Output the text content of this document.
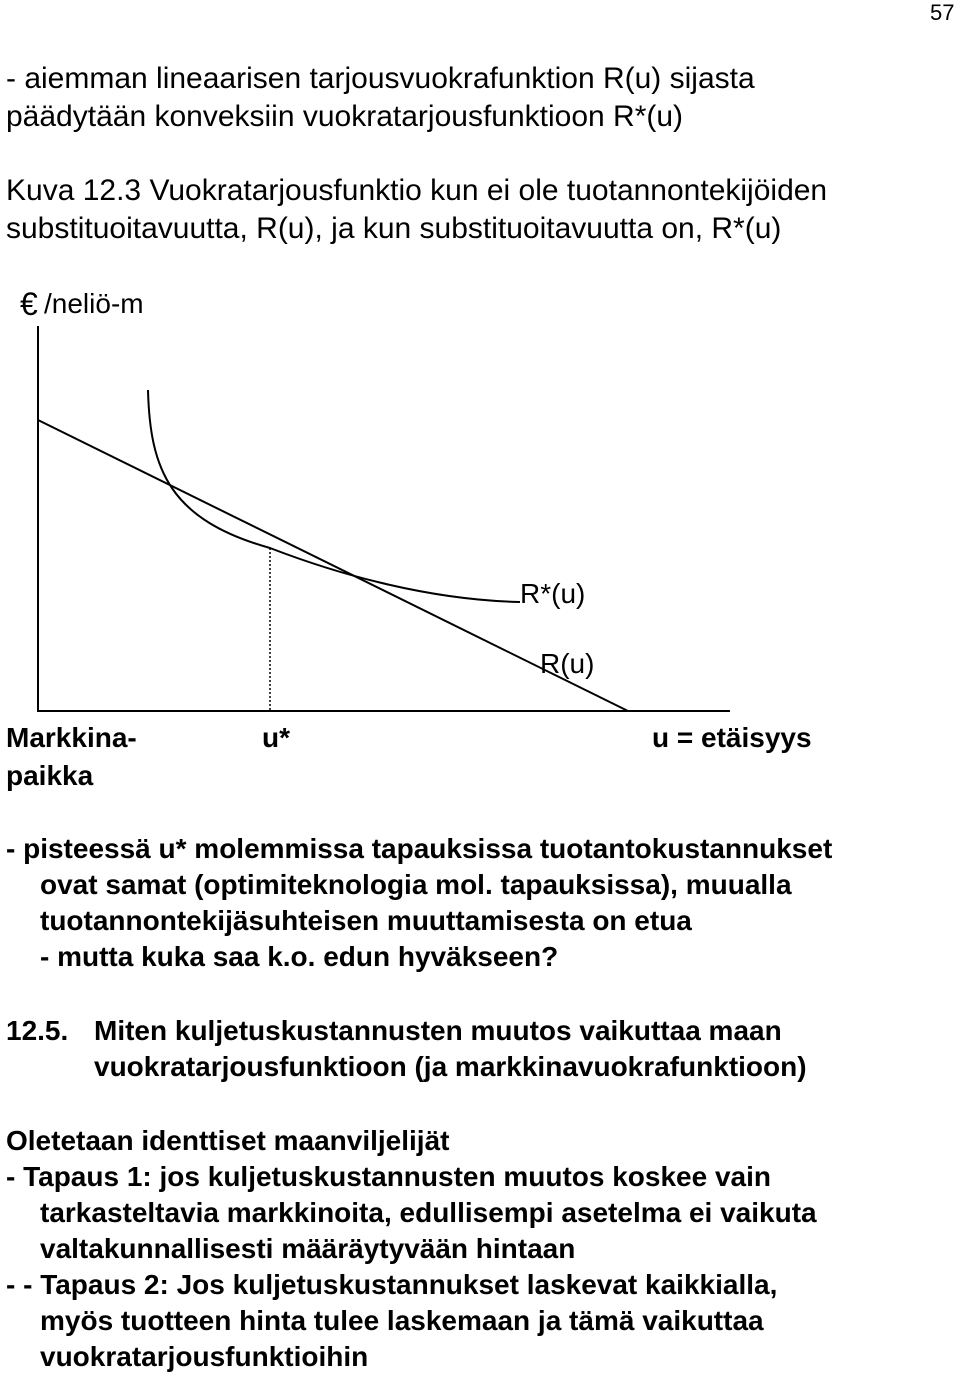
57
- aiemman lineaarisen tarjousvuokrafunktion R(u) sijasta
päädytään konveksiin vuokratarjousfunktioon R*(u)
Kuva 12.3 Vuokratarjousfunktio kun ei ole tuotannontekijöiden
substituoitavuutta, R(u), ja kun substituoitavuutta on, R*(u)
€ /neliö-m
R*(u)
R(u)
Markkina-
paikka
u*	u = etäisyys
- pisteessä u* molemmissa tapauksissa tuotantokustannukset
ovat samat (optimiteknologia mol. tapauksissa), muualla
tuotannontekijäsuhteisen muuttamisesta on etua
- mutta kuka saa k.o. edun hyväkseen?
12.5. Miten kuljetuskustannusten muutos vaikuttaa maan
vuokratarjousfunktioon (ja markkinavuokrafunktioon)
Oletetaan identtiset maanviljelijät
- Tapaus 1: jos kuljetuskustannusten muutos koskee vain
tarkasteltavia markkinoita, edullisempi asetelma ei vaikuta
valtakunnallisesti määräytyvään hintaan
- - Tapaus 2: Jos kuljetuskustannukset laskevat kaikkialla,
myös tuotteen hinta tulee laskemaan ja tämä vaikuttaa
vuokratarjousfunktioihin
